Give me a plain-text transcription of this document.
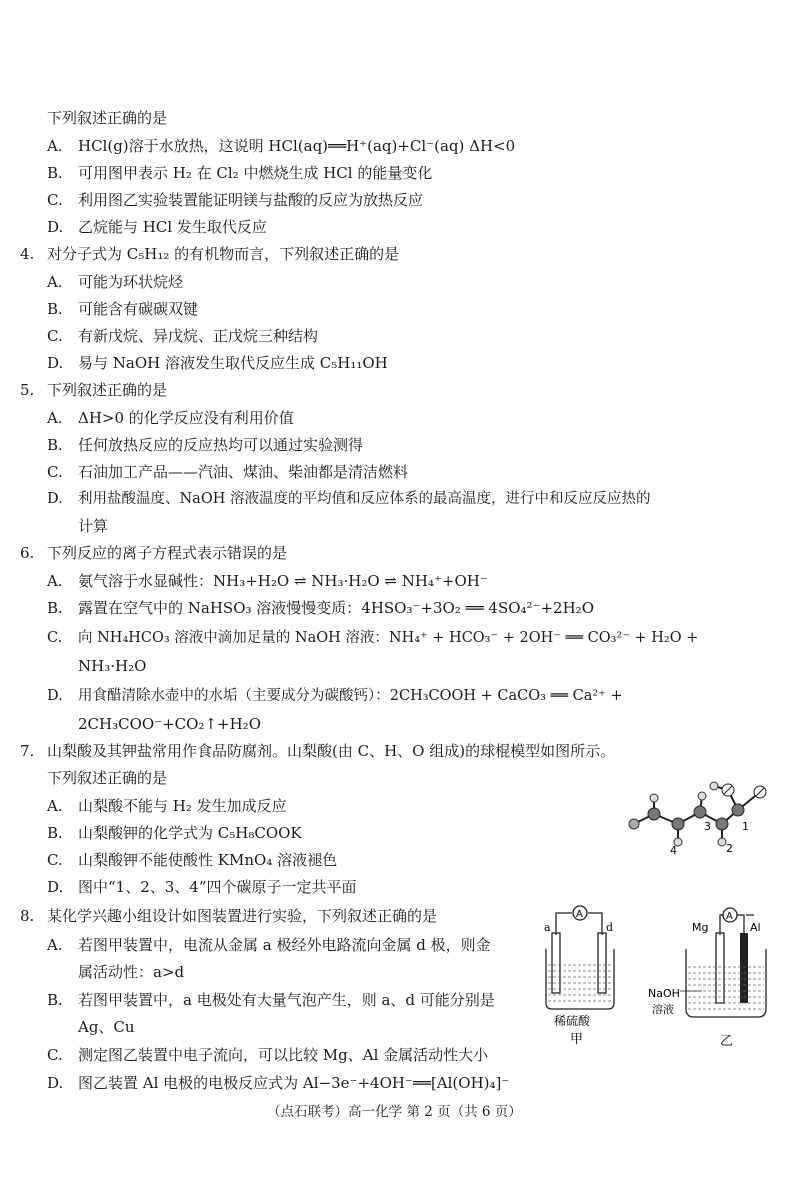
下列叙述正确的是
A. HCl(g)溶于水放热，这说明 HCl(aq)══H⁺(aq)+Cl⁻(aq) ΔH<0
B. 可用图甲表示 H₂ 在 Cl₂ 中燃烧生成 HCl 的能量变化
C. 利用图乙实验装置能证明镁与盐酸的反应为放热反应
D. 乙烷能与 HCl 发生取代反应
4. 对分子式为 C₅H₁₂ 的有机物而言，下列叙述正确的是
A. 可能为环状烷烃
B. 可能含有碳碳双键
C. 有新戊烷、异戊烷、正戊烷三种结构
D. 易与 NaOH 溶液发生取代反应生成 C₅H₁₁OH
5. 下列叙述正确的是
A. ΔH>0 的化学反应没有利用价值
B. 任何放热反应的反应热均可以通过实验测得
C. 石油加工产品——汽油、煤油、柴油都是清洁燃料
D. 利用盐酸温度、NaOH 溶液温度的平均值和反应体系的最高温度，进行中和反应反应热的
计算
6. 下列反应的离子方程式表示错误的是
A. 氨气溶于水显碱性：NH₃+H₂O ⇌ NH₃·H₂O ⇌ NH₄⁺+OH⁻
B. 露置在空气中的 NaHSO₃ 溶液慢慢变质：4HSO₃⁻+3O₂ ══ 4SO₄²⁻+2H₂O
C. 向 NH₄HCO₃ 溶液中滴加足量的 NaOH 溶液：NH₄⁺ + HCO₃⁻ + 2OH⁻ ══ CO₃²⁻ + H₂O +
NH₃·H₂O
D. 用食醋清除水壶中的水垢（主要成分为碳酸钙）：2CH₃COOH + CaCO₃ ══ Ca²⁺ +
2CH₃COO⁻+CO₂↑+H₂O
7. 山梨酸及其钾盐常用作食品防腐剂。山梨酸(由 C、H、O 组成)的球棍模型如图所示。
下列叙述正确的是
A. 山梨酸不能与 H₂ 发生加成反应
B. 山梨酸钾的化学式为 C₅H₈COOK
C. 山梨酸钾不能使酸性 KMnO₄ 溶液褪色
D. 图中“1、2、3、4”四个碳原子一定共平面
1
2
3
4
8. 某化学兴趣小组设计如图装置进行实验，下列叙述正确的是
A. 若图甲装置中，电流从金属 a 极经外电路流向金属 d 极，则金
属活动性：a>d
B. 若图甲装置中，a 电极处有大量气泡产生，则 a、d 可能分别是
Ag、Cu
C. 测定图乙装置中电子流向，可以比较 Mg、Al 金属活动性大小
D. 图乙装置 Al 电极的电极反应式为 Al−3e⁻+4OH⁻══[Al(OH)₄]⁻
A
a	d
稀硫酸
甲
A
Mg	Al
NaOH
溶液
乙
（点石联考）高一化学 第 2 页（共 6 页）
